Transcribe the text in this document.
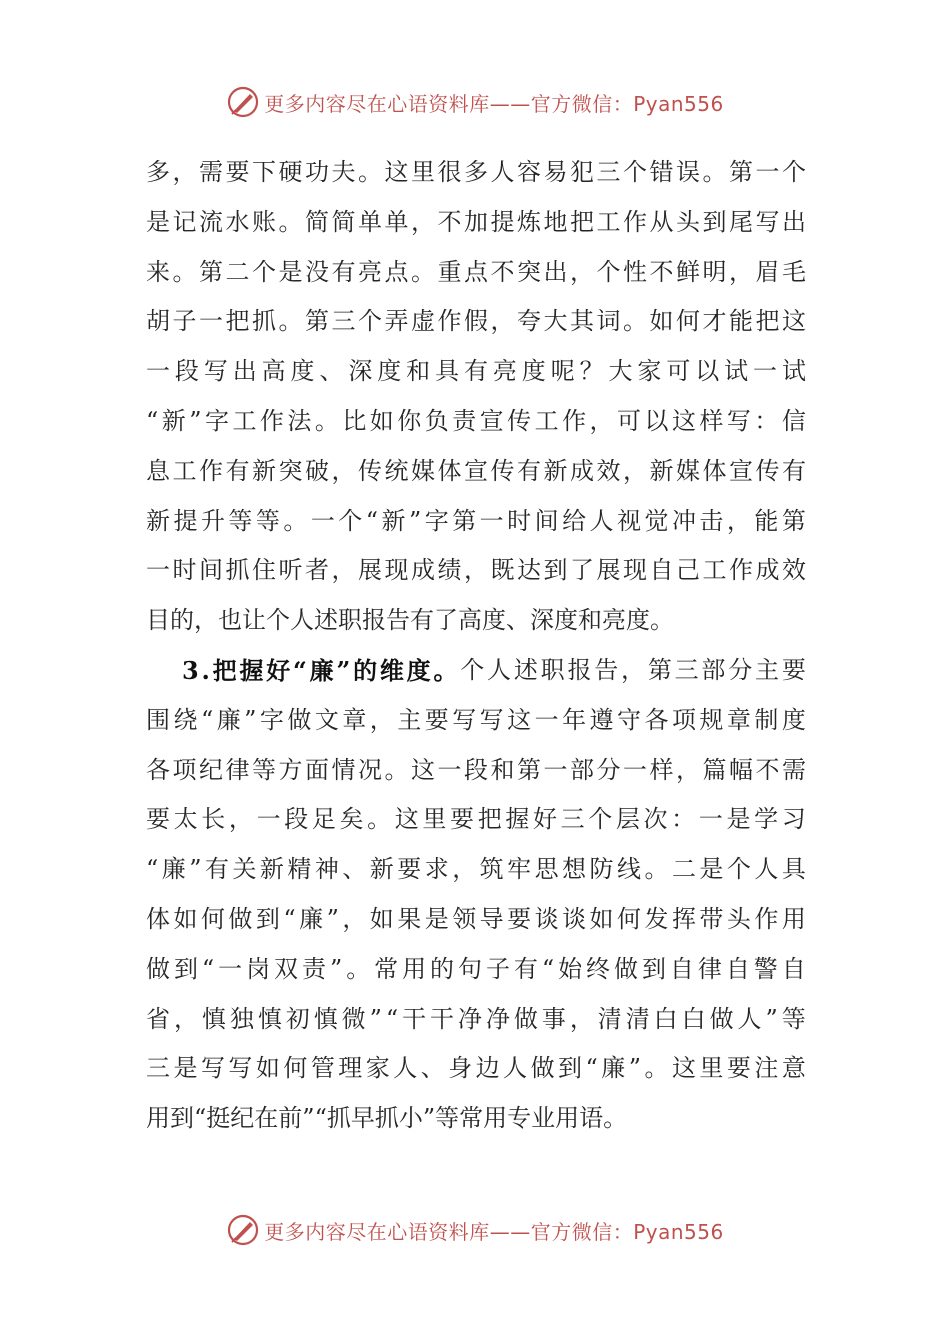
更多内容尽在心语资料库——官方微信：Pyan556
多 ， 需 要 下 硬 功 夫 。 这 里 很 多 人 容 易 犯 三 个 错 误 。 第 一 个
是 记 流 水 账 。 简 简 单 单 ， 不 加 提 炼 地 把 工 作 从 头 到 尾 写 出
来 。 第 二 个 是 没 有 亮 点 。 重 点 不 突 出 ， 个 性 不 鲜 明 ， 眉 毛
胡 子 一 把 抓 。 第 三 个 弄 虚 作 假 ， 夸 大 其 词 。 如 何 才 能 把 这
一 段 写 出 高 度 、 深 度 和 具 有 亮 度 呢 ？ 大 家 可 以 试 一 试
“ 新 ” 字 工 作 法 。 比 如 你 负 责 宣 传 工 作 ， 可 以 这 样 写 ： 信
息 工 作 有 新 突 破 ， 传 统 媒 体 宣 传 有 新 成 效 ， 新 媒 体 宣 传 有
新 提 升 等 等 。 一 个 “ 新 ” 字 第 一 时 间 给 人 视 觉 冲 击 ， 能 第
一 时 间 抓 住 听 者 ， 展 现 成 绩 ， 既 达 到 了 展 现 自 己 工 作 成 效
目 的 ， 也 让 个 人 述 职 报 告 有 了 高 度 、 深 度 和 亮 度 。
3 . 把 握 好 “ 廉 ” 的 维 度 。 个 人 述 职 报 告 ， 第 三 部 分 主 要
围 绕 “ 廉 ” 字 做 文 章 ， 主 要 写 写 这 一 年 遵 守 各 项 规 章 制 度
各 项 纪 律 等 方 面 情 况 。 这 一 段 和 第 一 部 分 一 样 ， 篇 幅 不 需
要 太 长 ， 一 段 足 矣 。 这 里 要 把 握 好 三 个 层 次 ： 一 是 学 习
“ 廉 ” 有 关 新 精 神 、 新 要 求 ， 筑 牢 思 想 防 线 。 二 是 个 人 具
体 如 何 做 到 “ 廉 ” ， 如 果 是 领 导 要 谈 谈 如 何 发 挥 带 头 作 用
做 到 “ 一 岗 双 责 ” 。 常 用 的 句 子 有 “ 始 终 做 到 自 律 自 警 自
省 ， 慎 独 慎 初 慎 微 ” “ 干 干 净 净 做 事 ， 清 清 白 白 做 人 ” 等
三 是 写 写 如 何 管 理 家 人 、 身 边 人 做 到 “ 廉 ” 。 这 里 要 注 意
用 到 “ 挺 纪 在 前 ” “ 抓 早 抓 小 ” 等 常 用 专 业 用 语 。
更多内容尽在心语资料库——官方微信：Pyan556
